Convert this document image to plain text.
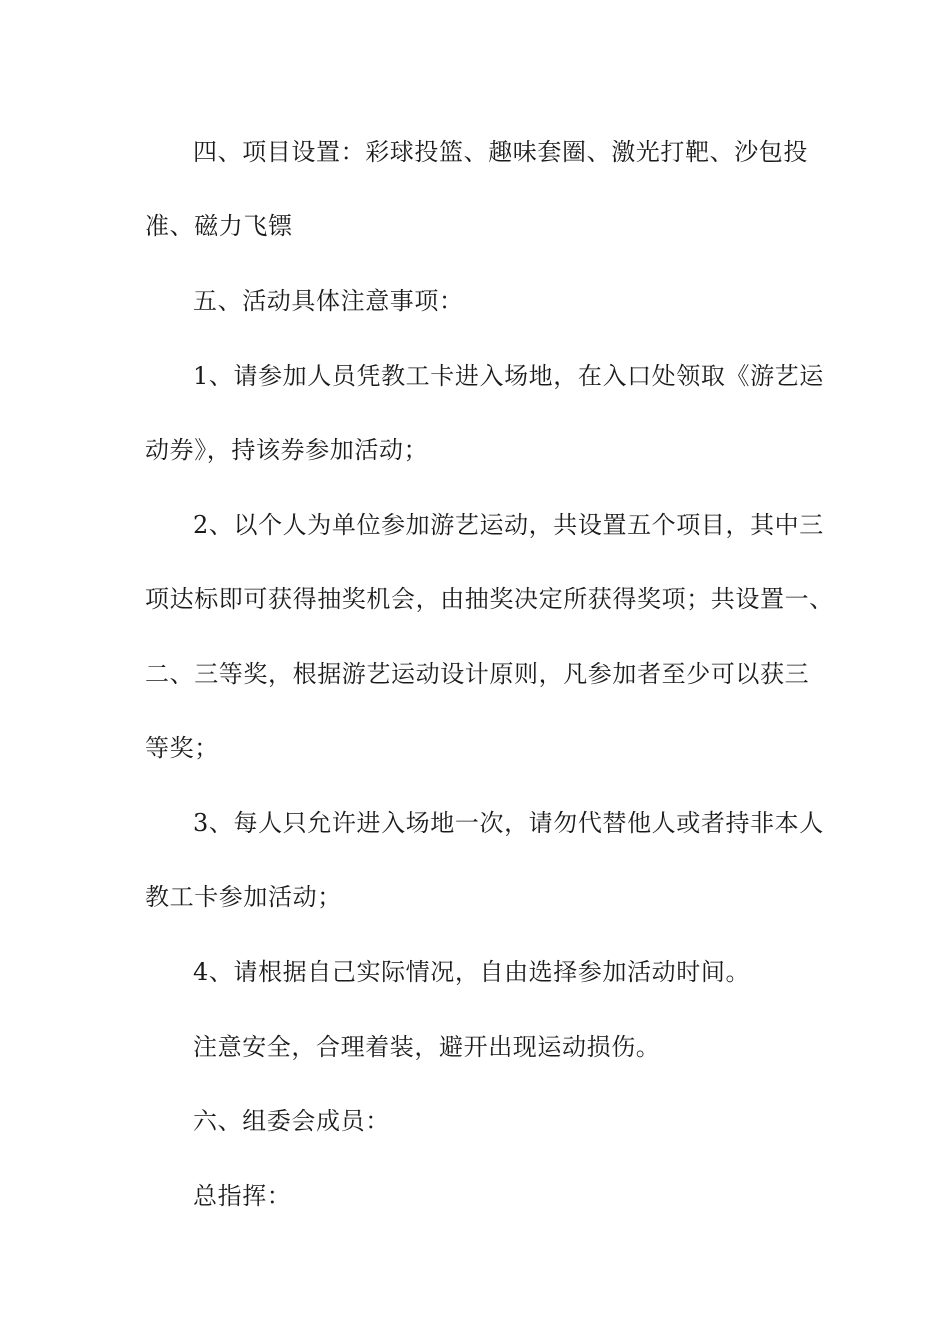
四、项目设置：彩球投篮、趣味套圈、激光打靶、沙包投
准、磁力飞镖
五、活动具体注意事项：
1、请参加人员凭教工卡进入场地，在入口处领取《游艺运
动券》，持该券参加活动；
2、以个人为单位参加游艺运动，共设置五个项目，其中三
项达标即可获得抽奖机会，由抽奖决定所获得奖项；共设置一、
二、三等奖，根据游艺运动设计原则，凡参加者至少可以获三
等奖；
3、每人只允许进入场地一次，请勿代替他人或者持非本人
教工卡参加活动；
4、请根据自己实际情况，自由选择参加活动时间。
注意安全，合理着装，避开出现运动损伤。
六、组委会成员：
总指挥：
